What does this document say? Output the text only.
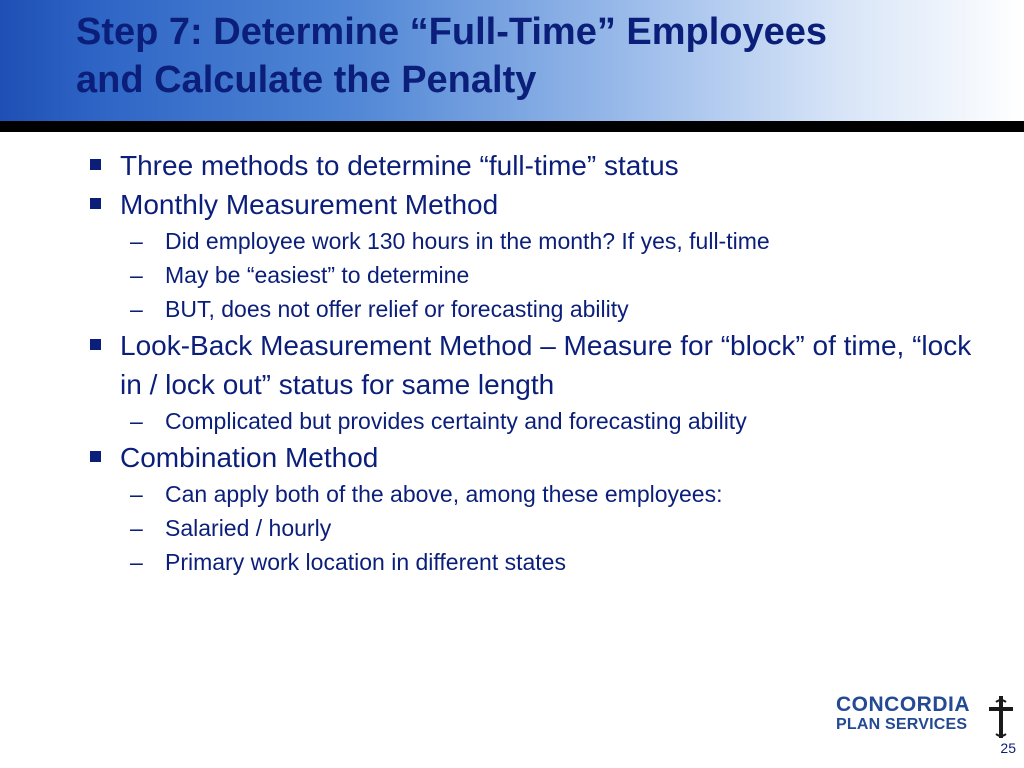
Step 7: Determine “Full-Time” Employees
and Calculate the Penalty

Three methods to determine “full-time” status

Monthly Measurement Method

– Did employee work 130 hours in the month? If yes, full-time

– May be “easiest” to determine

– BUT, does not offer relief or forecasting ability

Look-Back Measurement Method – Measure for “block” of time, “lock in / lock out” status for same length

– Complicated but provides certainty and forecasting ability

Combination Method

– Can apply both of the above, among these employees:

– Salaried / hourly

– Primary work location in different states

CONCORDIA
PLAN SERVICES
25
